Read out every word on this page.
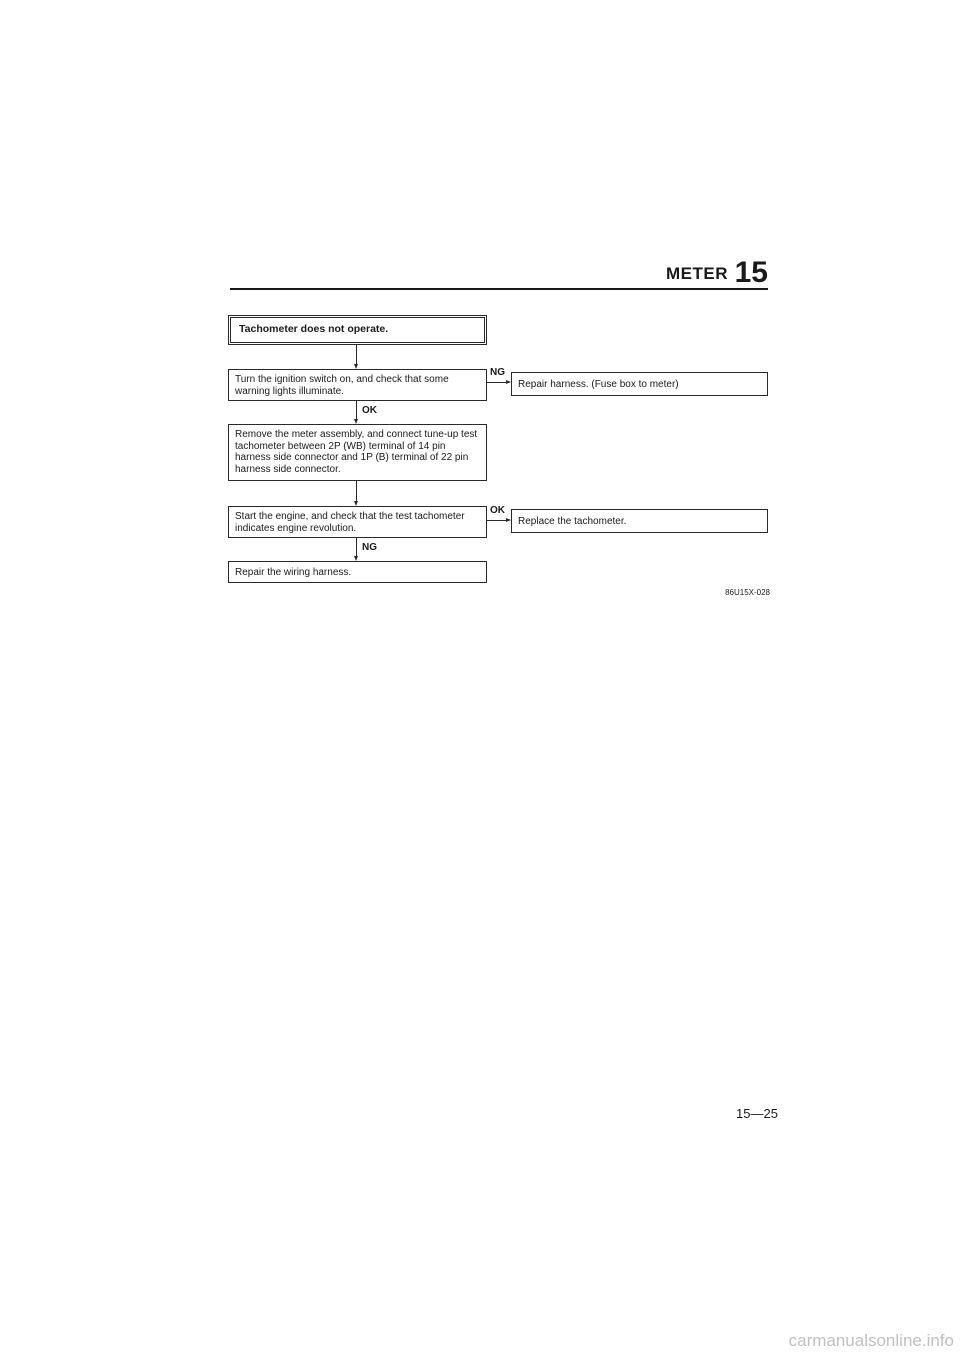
METER 15
Tachometer does not operate.
Turn the ignition switch on, and check that some warning lights illuminate.
NG
Repair harness. (Fuse box to meter)
OK
Remove the meter assembly, and connect tune-up test tachometer between 2P (WB) terminal of 14 pin harness side connector and 1P (B) terminal of 22 pin harness side connector.
Start the engine, and check that the test tachometer indicates engine revolution.
OK
Replace the tachometer.
NG
Repair the wiring harness.
86U15X-028
15—25
carmanualsonline.info
